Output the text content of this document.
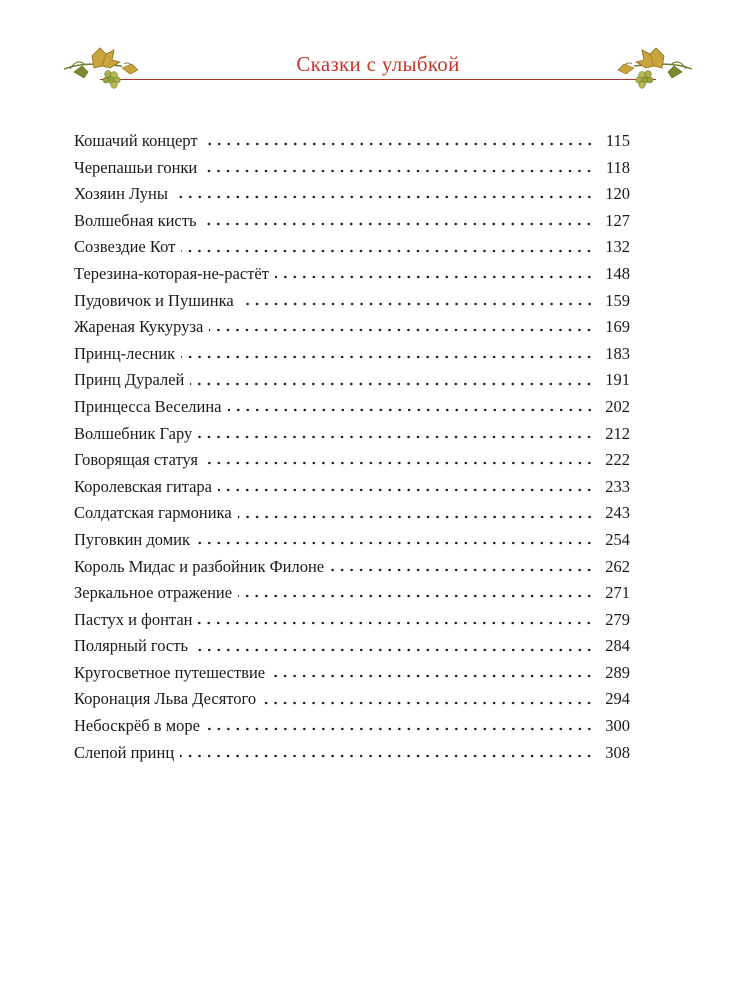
Сказки с улыбкой
Кошачий концерт	115
Черепашьи гонки	118
Хозяин Луны	120
Волшебная кисть	127
Созвездие Кот	132
Терезина-которая-не-растёт	148
Пудовичок и Пушинка	159
Жареная Кукуруза	169
Принц-лесник	183
Принц Дуралей	191
Принцесса Веселина	202
Волшебник Гару	212
Говорящая статуя	222
Королевская гитара	233
Солдатская гармоника	243
Пуговкин домик	254
Король Мидас и разбойник Филоне	262
Зеркальное отражение	271
Пастух и фонтан	279
Полярный гость	284
Кругосветное путешествие	289
Коронация Льва Десятого	294
Небоскрёб в море	300
Слепой принц	308
